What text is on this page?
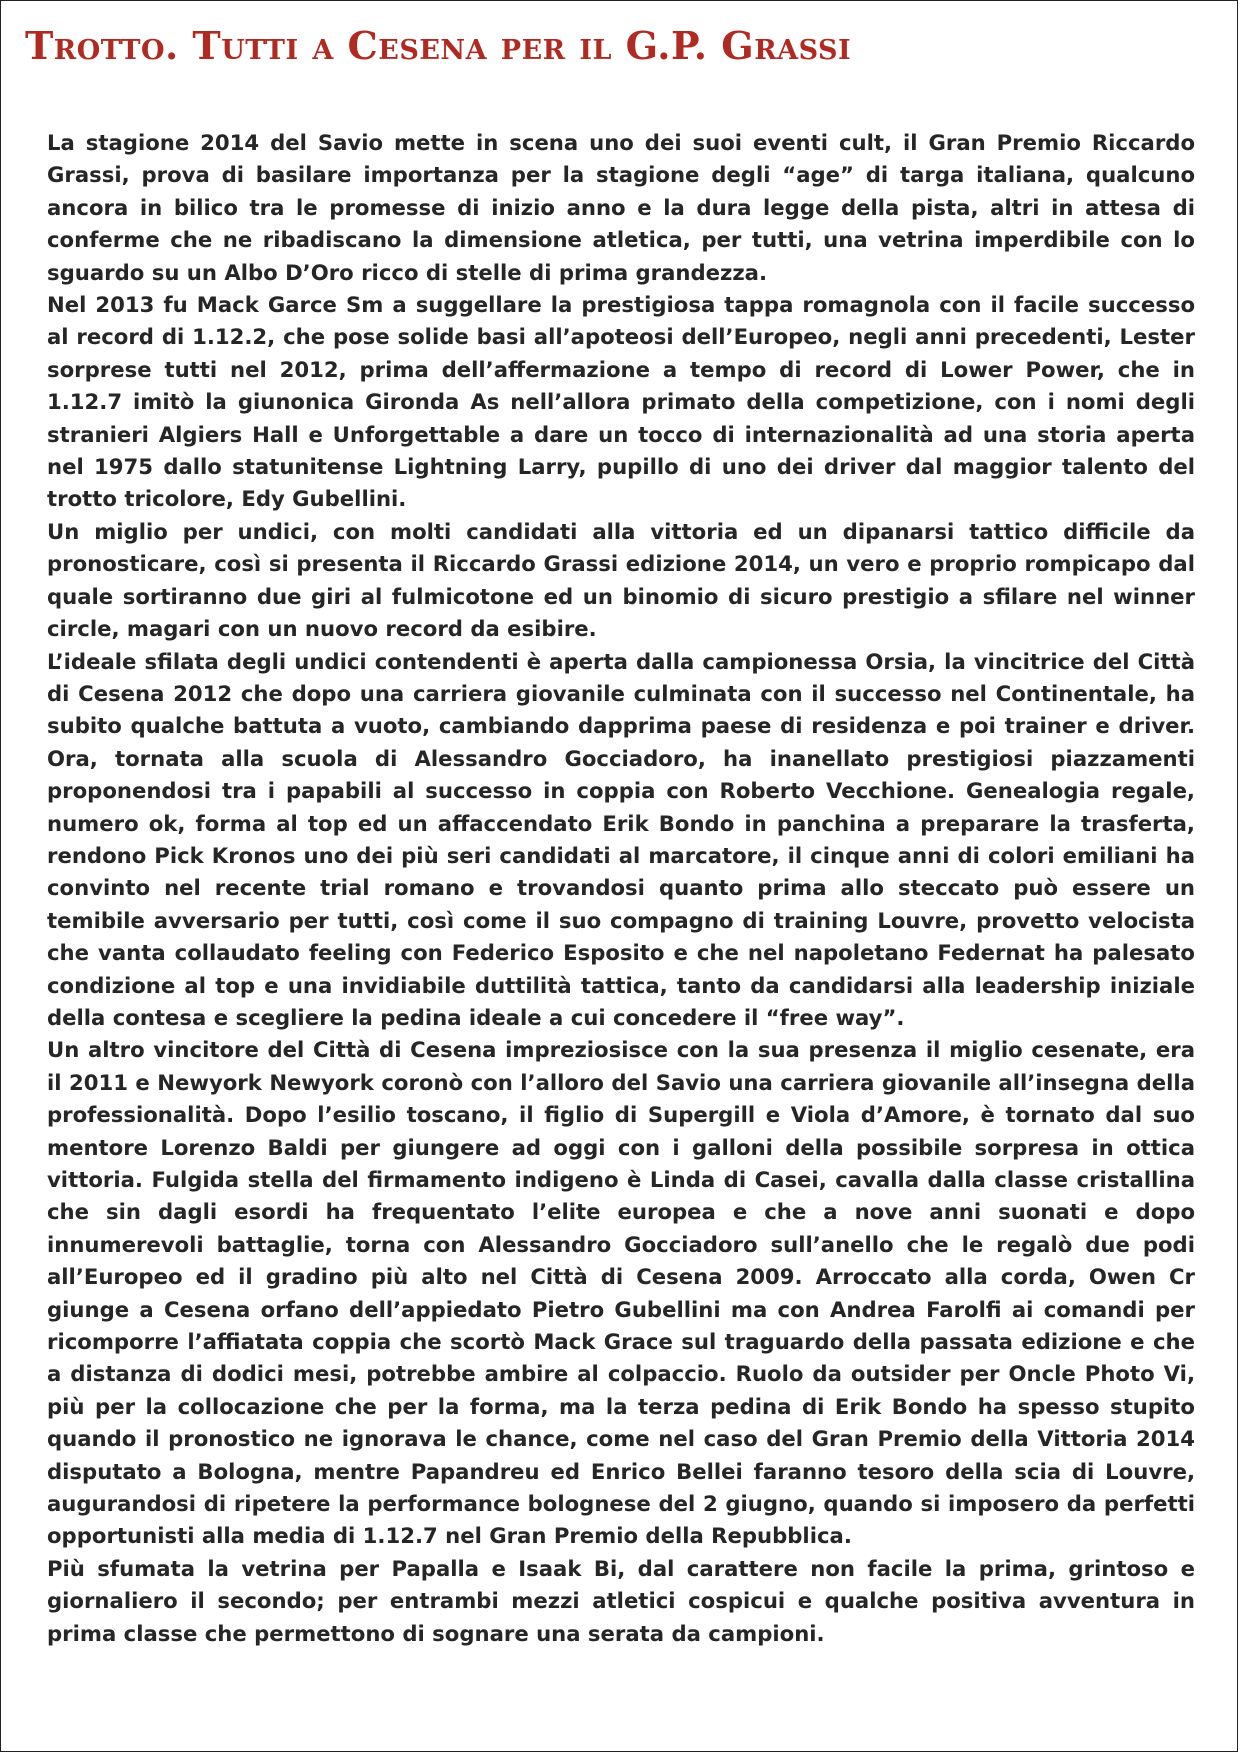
Trotto. Tutti a Cesena per il G.P. Grassi

La stagione 2014 del Savio mette in scena uno dei suoi eventi cult, il Gran Premio Riccardo Grassi, prova di basilare importanza per la stagione degli “age” di targa italiana, qualcuno ancora in bilico tra le promesse di inizio anno e la dura legge della pista, altri in attesa di conferme che ne ribadiscano la dimensione atletica, per tutti, una vetrina imperdibile con lo sguardo su un Albo D’Oro ricco di stelle di prima grandezza.

Nel 2013 fu Mack Garce Sm a suggellare la prestigiosa tappa romagnola con il facile successo al record di 1.12.2, che pose solide basi all’apoteosi dell’Europeo, negli anni precedenti, Lester sorprese tutti nel 2012, prima dell’affermazione a tempo di record di Lower Power, che in 1.12.7 imitò la giunonica Gironda As nell’allora primato della competizione, con i nomi degli stranieri Algiers Hall e Unforgettable a dare un tocco di internazionalità ad una storia aperta nel 1975 dallo statunitense Lightning Larry, pupillo di uno dei driver dal maggior talento del trotto tricolore, Edy Gubellini.

Un miglio per undici, con molti candidati alla vittoria ed un dipanarsi tattico difficile da pronosticare, così si presenta il Riccardo Grassi edizione 2014, un vero e proprio rompicapo dal quale sortiranno due giri al fulmicotone ed un binomio di sicuro prestigio a sfilare nel winner circle, magari con un nuovo record da esibire.

L’ideale sfilata degli undici contendenti è aperta dalla campionessa Orsia, la vincitrice del Città di Cesena 2012 che dopo una carriera giovanile culminata con il successo nel Continentale, ha subito qualche battuta a vuoto, cambiando dapprima paese di residenza e poi trainer e driver. Ora, tornata alla scuola di Alessandro Gocciadoro, ha inanellato prestigiosi piazzamenti proponendosi tra i papabili al successo in coppia con Roberto Vecchione. Genealogia regale, numero ok, forma al top ed un affaccendato Erik Bondo in panchina a preparare la trasferta, rendono Pick Kronos uno dei più seri candidati al marcatore, il cinque anni di colori emiliani ha convinto nel recente trial romano e trovandosi quanto prima allo steccato può essere un temibile avversario per tutti, così come il suo compagno di training Louvre, provetto velocista che vanta collaudato feeling con Federico Esposito e che nel napoletano Federnat ha palesato condizione al top e una invidiabile duttilità tattica, tanto da candidarsi alla leadership iniziale della contesa e scegliere la pedina ideale a cui concedere il “free way”.

Un altro vincitore del Città di Cesena impreziosisce con la sua presenza il miglio cesenate, era il 2011 e Newyork Newyork coronò con l’alloro del Savio una carriera giovanile all’insegna della professionalità. Dopo l’esilio toscano, il figlio di Supergill e Viola d’Amore, è tornato dal suo mentore Lorenzo Baldi per giungere ad oggi con i galloni della possibile sorpresa in ottica vittoria. Fulgida stella del firmamento indigeno è Linda di Casei, cavalla dalla classe cristallina che sin dagli esordi ha frequentato l’elite europea e che a nove anni suonati e dopo innumerevoli battaglie, torna con Alessandro Gocciadoro sull’anello che le regalò due podi all’Europeo ed il gradino più alto nel Città di Cesena 2009. Arroccato alla corda, Owen Cr giunge a Cesena orfano dell’appiedato Pietro Gubellini ma con Andrea Farolfi ai comandi per ricomporre l’affiatata coppia che scortò Mack Grace sul traguardo della passata edizione e che a distanza di dodici mesi, potrebbe ambire al colpaccio. Ruolo da outsider per Oncle Photo Vi, più per la collocazione che per la forma, ma la terza pedina di Erik Bondo ha spesso stupito quando il pronostico ne ignorava le chance, come nel caso del Gran Premio della Vittoria 2014 disputato a Bologna, mentre Papandreu ed Enrico Bellei faranno tesoro della scia di Louvre, augurandosi di ripetere la performance bolognese del 2 giugno, quando si imposero da perfetti opportunisti alla media di 1.12.7 nel Gran Premio della Repubblica.

Più sfumata la vetrina per Papalla e Isaak Bi, dal carattere non facile la prima, grintoso e giornaliero il secondo; per entrambi mezzi atletici cospicui e qualche positiva avventura in prima classe che permettono di sognare una serata da campioni.
